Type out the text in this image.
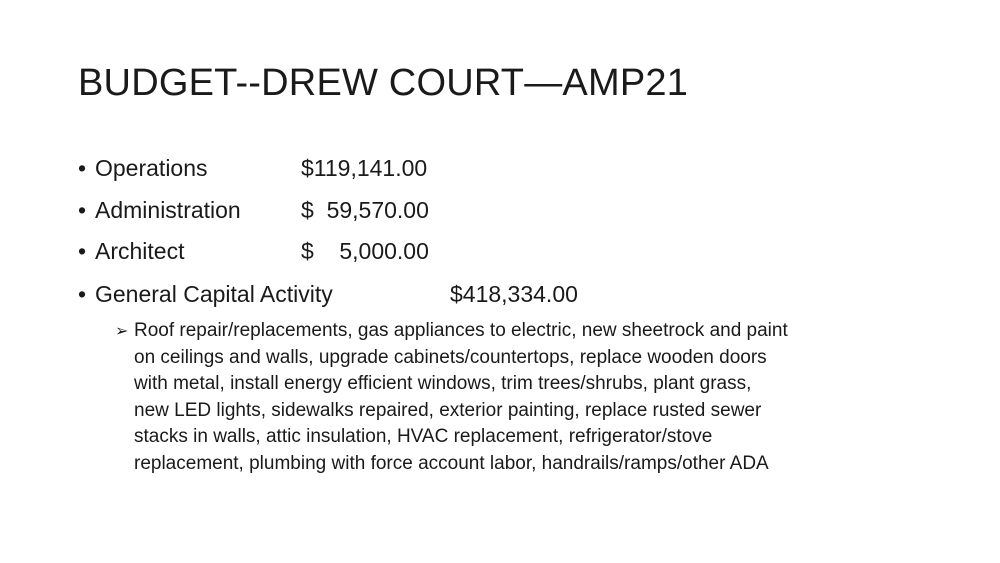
BUDGET--DREW COURT—AMP21
• Operations	$119,141.00
• Administration	$  59,570.00
• Architect	$    5,000.00
• General Capital Activity	$418,334.00
➢ Roof repair/replacements, gas appliances to electric, new sheetrock and paint
on ceilings and walls, upgrade cabinets/countertops, replace wooden doors
with metal, install energy efficient windows, trim trees/shrubs, plant grass,
new LED lights, sidewalks repaired, exterior painting, replace rusted sewer
stacks in walls, attic insulation, HVAC replacement, refrigerator/stove
replacement, plumbing with force account labor, handrails/ramps/other ADA
